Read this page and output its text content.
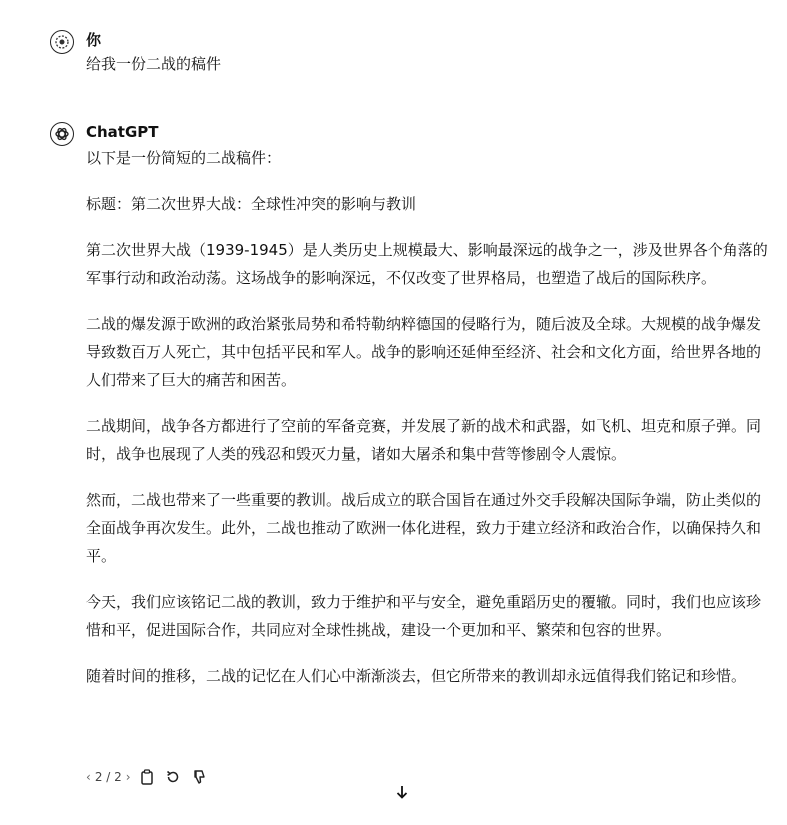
你
给我一份二战的稿件
ChatGPT

以下是一份简短的二战稿件：

标题：第二次世界大战：全球性冲突的影响与教训

第二次世界大战（1939-1945）是人类历史上规模最大、影响最深远的战争之一，涉及世界各个角落的军事行动和政治动荡。这场战争的影响深远，不仅改变了世界格局，也塑造了战后的国际秩序。

二战的爆发源于欧洲的政治紧张局势和希特勒纳粹德国的侵略行为，随后波及全球。大规模的战争爆发导致数百万人死亡，其中包括平民和军人。战争的影响还延伸至经济、社会和文化方面，给世界各地的人们带来了巨大的痛苦和困苦。

二战期间，战争各方都进行了空前的军备竞赛，并发展了新的战术和武器，如飞机、坦克和原子弹。同时，战争也展现了人类的残忍和毁灭力量，诸如大屠杀和集中营等惨剧令人震惊。

然而，二战也带来了一些重要的教训。战后成立的联合国旨在通过外交手段解决国际争端，防止类似的全面战争再次发生。此外，二战也推动了欧洲一体化进程，致力于建立经济和政治合作，以确保持久和平。

今天，我们应该铭记二战的教训，致力于维护和平与安全，避免重蹈历史的覆辙。同时，我们也应该珍惜和平，促进国际合作，共同应对全球性挑战，建设一个更加和平、繁荣和包容的世界。

随着时间的推移，二战的记忆在人们心中渐渐淡去，但它所带来的教训却永远值得我们铭记和珍惜。

‹ 2 / 2 ›
